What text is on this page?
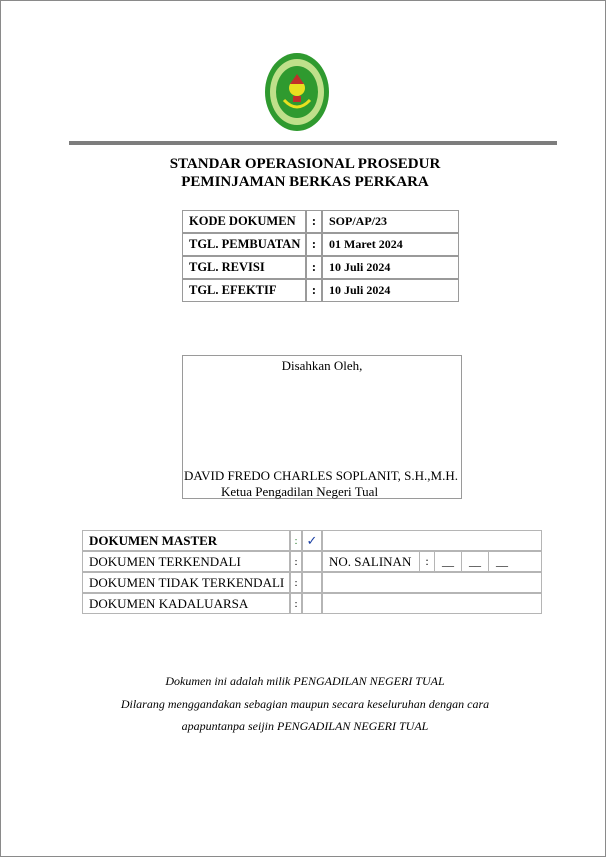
STANDAR OPERASIONAL PROSEDUR
PEMINJAMAN BERKAS PERKARA
KODE DOKUMEN	:	SOP/AP/23
TGL. PEMBUATAN	:	01 Maret 2024
TGL. REVISI	:	10 Juli 2024
TGL. EFEKTIF	:	10 Juli 2024
Disahkan Oleh,
DAVID FREDO CHARLES SOPLANIT, S.H.,M.H.
Ketua Pengadilan Negeri Tual
DOKUMEN MASTER	:	✓	
DOKUMEN TERKENDALI	:		NO. SALINAN : __ __ __

DOKUMEN TIDAK TERKENDALI	:		
DOKUMEN KADALUARSA	:		
Dokumen ini adalah milik PENGADILAN NEGERI TUAL
Dilarang menggandakan sebagian maupun secara keseluruhan dengan cara
apapuntanpa seijin PENGADILAN NEGERI TUAL
